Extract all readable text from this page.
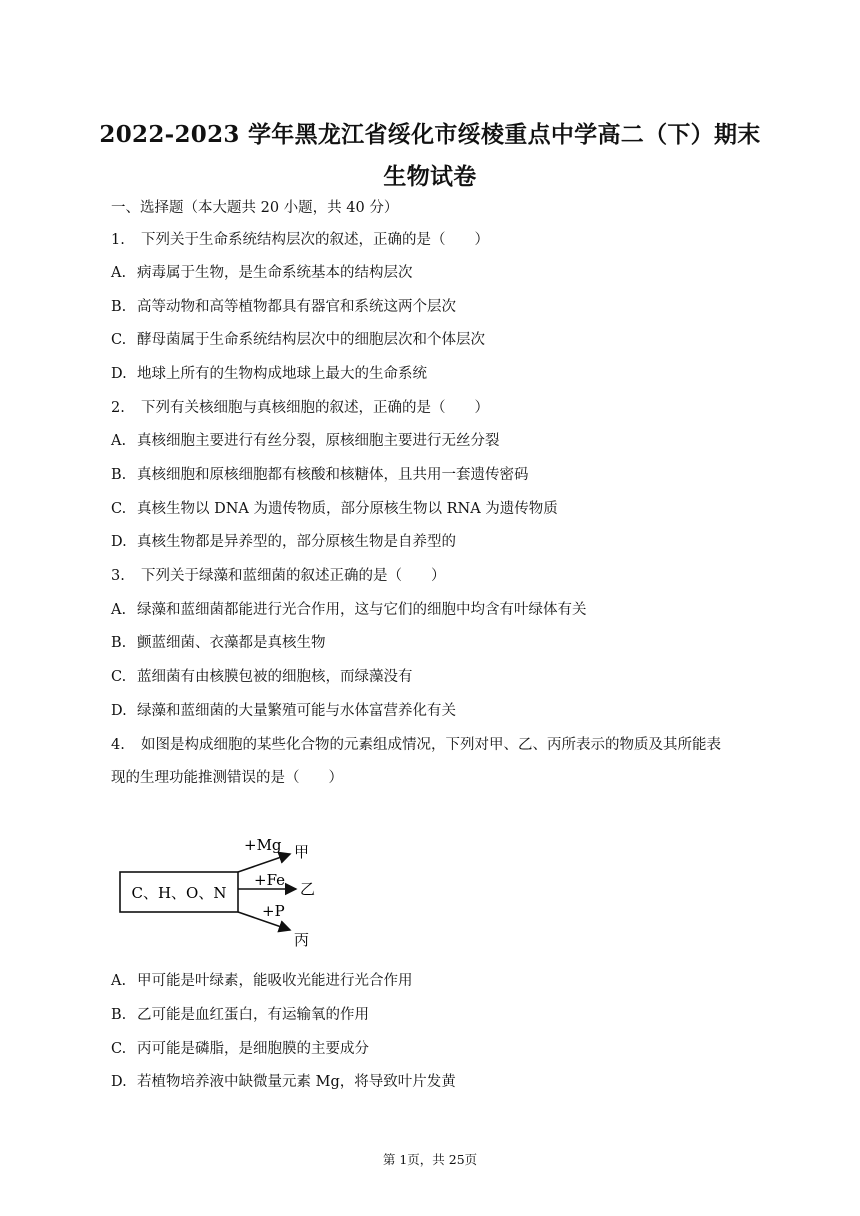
2022-2023 学年黑龙江省绥化市绥棱重点中学高二（下）期末
生物试卷
一、选择题（本大题共 20 小题，共 40 分）
1. 下列关于生命系统结构层次的叙述，正确的是（　　）
A. 病毒属于生物，是生命系统基本的结构层次
B. 高等动物和高等植物都具有器官和系统这两个层次
C. 酵母菌属于生命系统结构层次中的细胞层次和个体层次
D. 地球上所有的生物构成地球上最大的生命系统
2. 下列有关核细胞与真核细胞的叙述，正确的是（　　）
A. 真核细胞主要进行有丝分裂，原核细胞主要进行无丝分裂
B. 真核细胞和原核细胞都有核酸和核糖体，且共用一套遗传密码
C. 真核生物以 DNA 为遗传物质，部分原核生物以 RNA 为遗传物质
D. 真核生物都是异养型的，部分原核生物是自养型的
3. 下列关于绿藻和蓝细菌的叙述正确的是（　　）
A. 绿藻和蓝细菌都能进行光合作用，这与它们的细胞中均含有叶绿体有关
B. 颤蓝细菌、衣藻都是真核生物
C. 蓝细菌有由核膜包被的细胞核，而绿藻没有
D. 绿藻和蓝细菌的大量繁殖可能与水体富营养化有关
4. 如图是构成细胞的某些化合物的元素组成情况，下列对甲、乙、丙所表示的物质及其所能表
现的生理功能推测错误的是（　　）
C、H、O、N
+Mg 甲
+Fe 乙
+P
丙
A. 甲可能是叶绿素，能吸收光能进行光合作用
B. 乙可能是血红蛋白，有运输氧的作用
C. 丙可能是磷脂，是细胞膜的主要成分
D. 若植物培养液中缺微量元素 Mg，将导致叶片发黄
第 1页，共 25页
